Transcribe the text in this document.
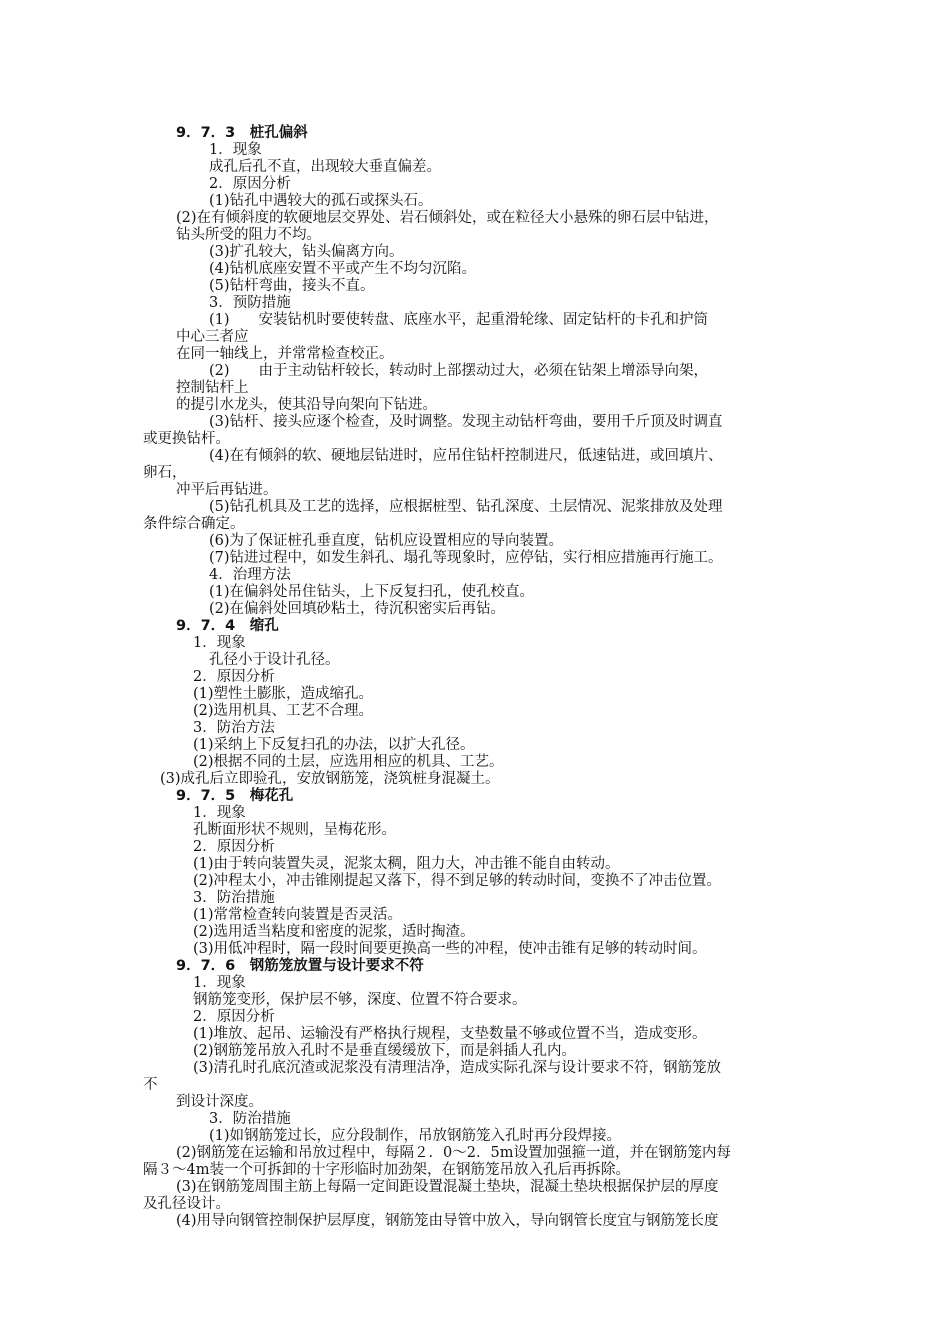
9．7．3　桩孔偏斜
1．现象
成孔后孔不直，出现较大垂直偏差。
2．原因分析
(1)钻孔中遇较大的孤石或探头石。
(2)在有倾斜度的软硬地层交界处、岩石倾斜处，或在粒径大小悬殊的卵石层中钻进，
钻头所受的阻力不均。
(3)扩孔较大，钻头偏离方向。
(4)钻机底座安置不平或产生不均匀沉陷。
(5)钻杆弯曲，接头不直。
3．预防措施
(1)　　安装钻机时要使转盘、底座水平，起重滑轮缘、固定钻杆的卡孔和护筒
中心三者应
在同一轴线上，并常常检查校正。
(2)　　由于主动钻杆较长，转动时上部摆动过大，必须在钻架上增添导向架，
控制钻杆上
的提引水龙头，使其沿导向架向下钻进。
(3)钻杆、接头应逐个检查，及时调整。发现主动钻杆弯曲，要用千斤顶及时调直
或更换钻杆。
(4)在有倾斜的软、硬地层钻进时，应吊住钻杆控制进尺，低速钻进，或回填片、
卵石，
冲平后再钻进。
(5)钻孔机具及工艺的选择，应根据桩型、钻孔深度、土层情况、泥浆排放及处理
条件综合确定。
(6)为了保证桩孔垂直度，钻机应设置相应的导向装置。
(7)钻进过程中，如发生斜孔、塌孔等现象时，应停钻，实行相应措施再行施工。
4．治理方法
(1)在偏斜处吊住钻头，上下反复扫孔，使孔校直。
(2)在偏斜处回填砂粘土，待沉积密实后再钻。
9．7．4　缩孔
1．现象
孔径小于设计孔径。
2．原因分析
(1)塑性土膨胀，造成缩孔。
(2)选用机具、工艺不合理。
3．防治方法
(1)采纳上下反复扫孔的办法，以扩大孔径。
(2)根据不同的土层，应选用相应的机具、工艺。
(3)成孔后立即验孔，安放钢筋笼，浇筑桩身混凝土。
9．7．5　梅花孔
1．现象
孔断面形状不规则，呈梅花形。
2．原因分析
(1)由于转向装置失灵，泥浆太稠，阻力大，冲击锥不能自由转动。
(2)冲程太小，冲击锥刚提起又落下，得不到足够的转动时间，变换不了冲击位置。
3．防治措施
(1)常常检查转向装置是否灵活。
(2)选用适当粘度和密度的泥浆，适时掏渣。
(3)用低冲程时，隔一段时间要更换高一些的冲程，使冲击锥有足够的转动时间。
9．7．6　钢筋笼放置与设计要求不符
1．现象
钢筋笼变形，保护层不够，深度、位置不符合要求。
2．原因分析
(1)堆放、起吊、运输没有严格执行规程，支垫数量不够或位置不当，造成变形。
(2)钢筋笼吊放入孔时不是垂直缓缓放下，而是斜插人孔内。
(3)清孔时孔底沉渣或泥浆没有清理洁净，造成实际孔深与设计要求不符，钢筋笼放
不
到设计深度。
3．防治措施
(1)如钢筋笼过长，应分段制作，吊放钢筋笼入孔时再分段焊接。
(2)钢筋笼在运输和吊放过程中，每隔２．0～2．5m设置加强箍一道，并在钢筋笼内每
隔３～4m装一个可拆卸的十字形临时加劲架，在钢筋笼吊放入孔后再拆除。
(3)在钢筋笼周围主筋上每隔一定间距设置混凝土垫块，混凝土垫块根据保护层的厚度
及孔径设计。
(4)用导向钢管控制保护层厚度，钢筋笼由导管中放入，导向钢管长度宜与钢筋笼长度
